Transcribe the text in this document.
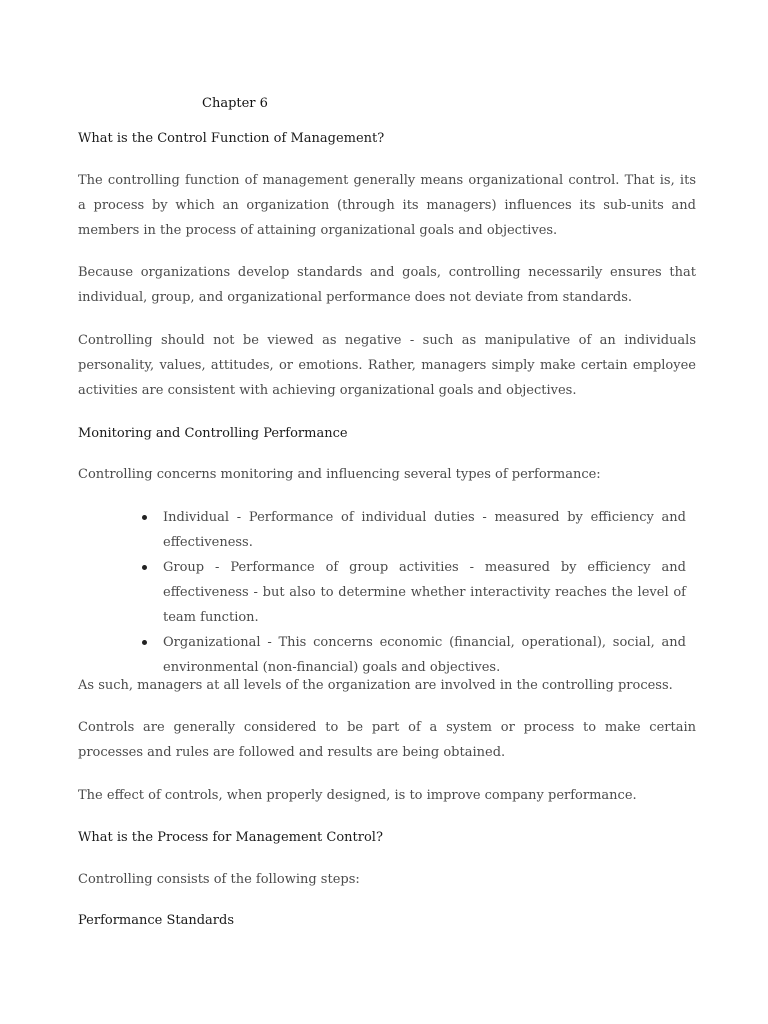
Chapter 6

What is the Control Function of Management?

The controlling function of management generally means organizational control. That is, its a process by which an organization (through its managers) influences its sub-units and members in the process of attaining organizational goals and objectives.

Because organizations develop standards and goals, controlling necessarily ensures that individual, group, and organizational performance does not deviate from standards.

Controlling should not be viewed as negative - such as manipulative of an individuals personality, values, attitudes, or emotions. Rather, managers simply make certain employee activities are consistent with achieving organizational goals and objectives.

Monitoring and Controlling Performance

Controlling concerns monitoring and influencing several types of performance:

Individual - Performance of individual duties - measured by efficiency and effectiveness.
Group - Performance of group activities - measured by efficiency and effectiveness - but also to determine whether interactivity reaches the level of team function.
Organizational - This concerns economic (financial, operational), social, and environmental (non-financial) goals and objectives.

As such, managers at all levels of the organization are involved in the controlling process.

Controls are generally considered to be part of a system or process to make certain processes and rules are followed and results are being obtained.

The effect of controls, when properly designed, is to improve company performance.

What is the Process for Management Control?

Controlling consists of the following steps:

Performance Standards
